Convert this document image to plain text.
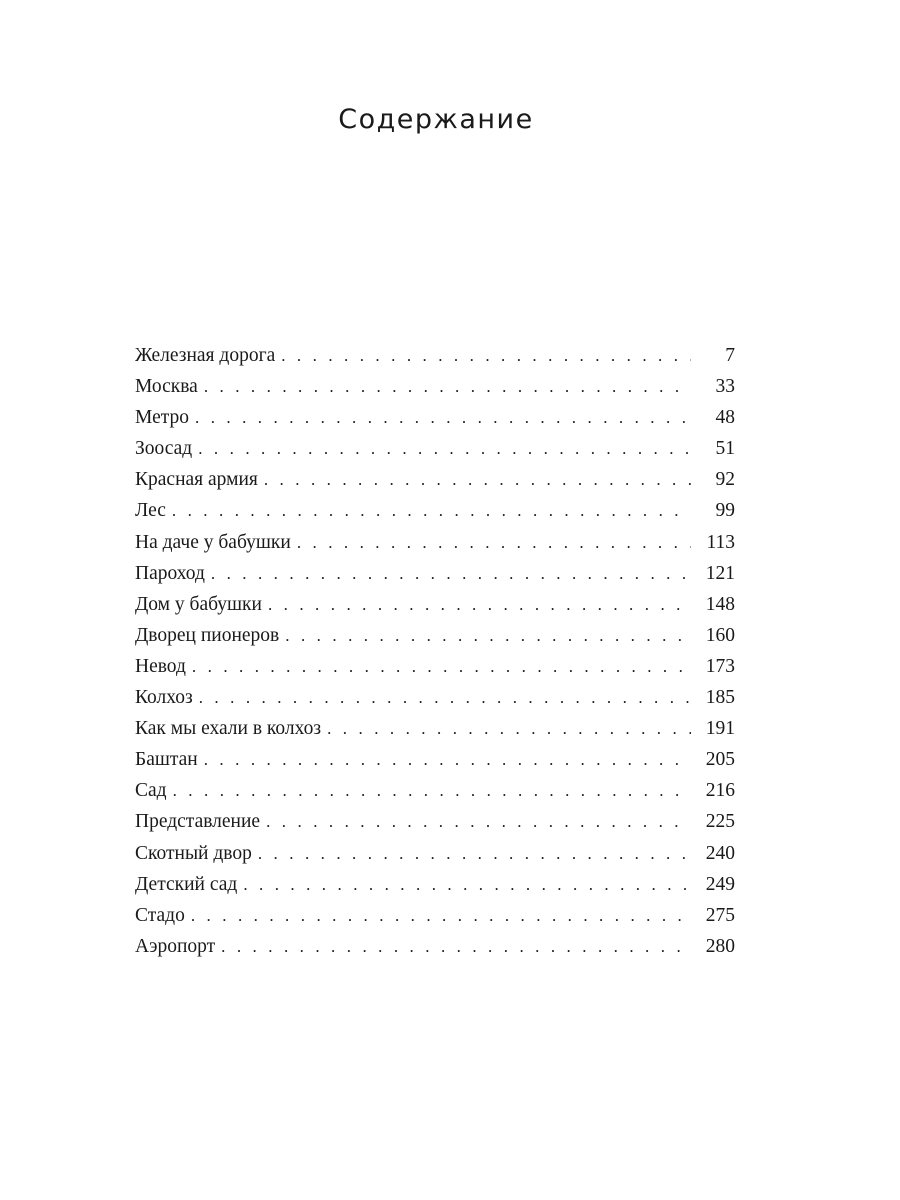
Содержание
Железная дорога . . .	7
Москва . . .	33
Метро . . .	48
Зоосад . . .	51
Красная армия . . .	92
Лес . . .	99
На даче у бабушки . . .	113
Пароход . . .	121
Дом у бабушки . . .	148
Дворец пионеров . . .	160
Невод . . .	173
Колхоз . . .	185
Как мы ехали в колхоз . . .	191
Баштан . . .	205
Сад . . .	216
Представление . . .	225
Скотный двор . . .	240
Детский сад . . .	249
Стадо . . .	275
Аэропорт . . .	280
